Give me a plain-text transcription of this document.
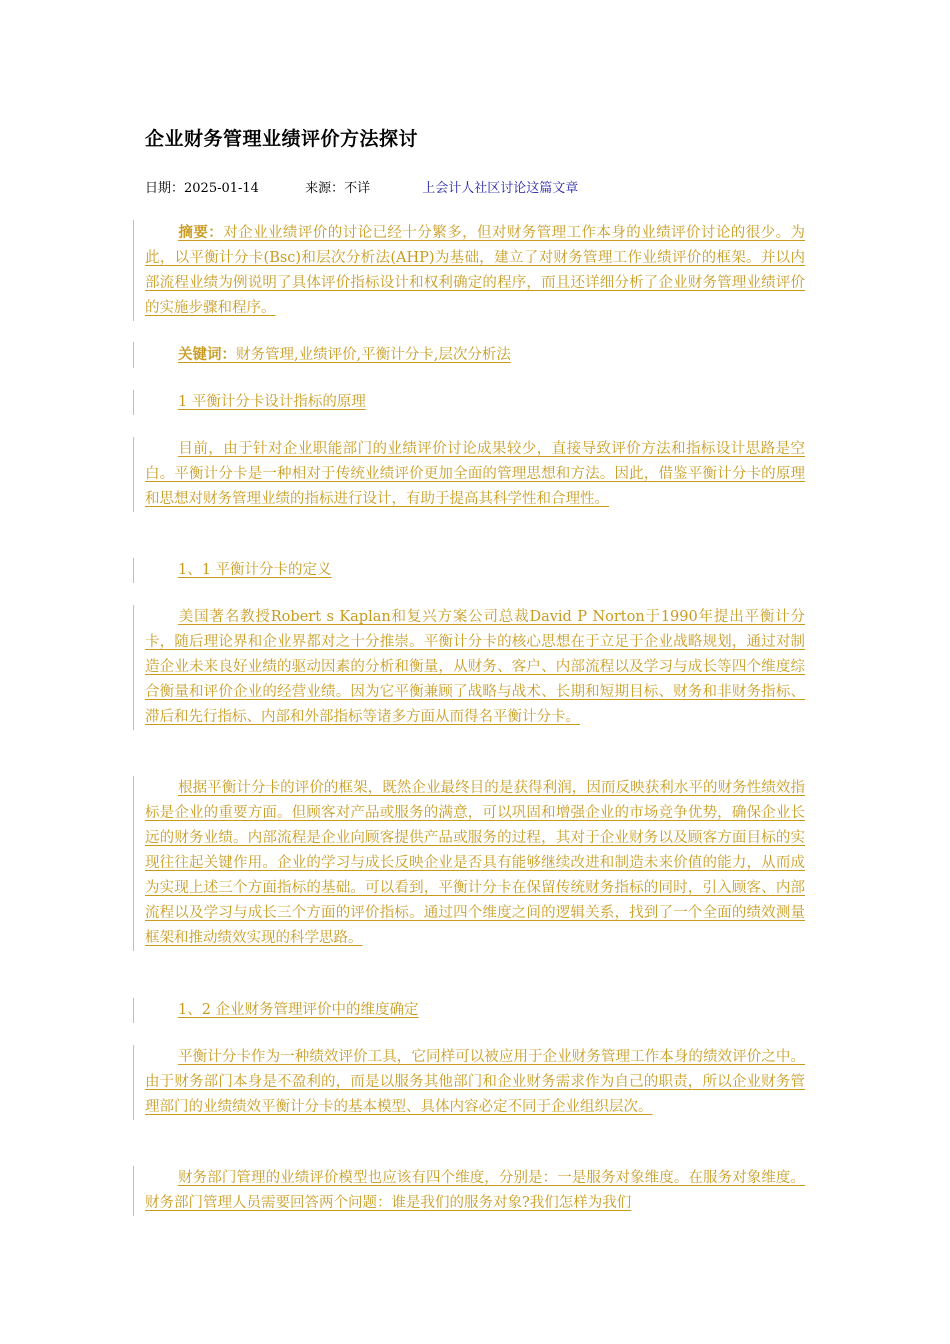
企业财务管理业绩评价方法探讨
日期：2025-01-14	来源：不详	上会计人社区讨论这篇文章

摘要：对企业业绩评价的讨论已经十分繁多，但对财务管理工作本身的业绩评价讨论的很少。为此，以平衡计分卡(Bsc)和层次分析法(AHP)为基础，建立了对财务管理工作业绩评价的框架。并以内部流程业绩为例说明了具体评价指标设计和权利确定的程序，而且还详细分析了企业财务管理业绩评价的实施步骤和程序。

关键词：财务管理,业绩评价,平衡计分卡,层次分析法

1 平衡计分卡设计指标的原理

目前，由于针对企业职能部门的业绩评价讨论成果较少，直接导致评价方法和指标设计思路是空白。平衡计分卡是一种相对于传统业绩评价更加全面的管理思想和方法。因此，借鉴平衡计分卡的原理和思想对财务管理业绩的指标进行设计，有助于提高其科学性和合理性。

1、1 平衡计分卡的定义

美国著名教授Robert s Kaplan和复兴方案公司总裁David P Norton于1990年提出平衡计分卡，随后理论界和企业界都对之十分推崇。平衡计分卡的核心思想在于立足于企业战略规划，通过对制造企业未来良好业绩的驱动因素的分析和衡量，从财务、客户、内部流程以及学习与成长等四个维度综合衡量和评价企业的经营业绩。因为它平衡兼顾了战略与战术、长期和短期目标、财务和非财务指标、滞后和先行指标、内部和外部指标等诸多方面从而得名平衡计分卡。

根据平衡计分卡的评价的框架，既然企业最终目的是获得利润，因而反映获利水平的财务性绩效指标是企业的重要方面。但顾客对产品或服务的满意，可以巩固和增强企业的市场竞争优势，确保企业长远的财务业绩。内部流程是企业向顾客提供产品或服务的过程，其对于企业财务以及顾客方面目标的实现往往起关键作用。企业的学习与成长反映企业是否具有能够继续改进和制造未来价值的能力，从而成为实现上述三个方面指标的基础。可以看到，平衡计分卡在保留传统财务指标的同时，引入顾客、内部流程以及学习与成长三个方面的评价指标。通过四个维度之间的逻辑关系，找到了一个全面的绩效测量框架和推动绩效实现的科学思路。

1、2 企业财务管理评价中的维度确定

平衡计分卡作为一种绩效评价工具，它同样可以被应用于企业财务管理工作本身的绩效评价之中。由于财务部门本身是不盈利的，而是以服务其他部门和企业财务需求作为自己的职责，所以企业财务管理部门的业绩绩效平衡计分卡的基本模型、具体内容必定不同于企业组织层次。

财务部门管理的业绩评价模型也应该有四个维度，分别是：一是服务对象维度。在服务对象维度。财务部门管理人员需要回答两个问题：谁是我们的服务对象?我们怎样为我们
